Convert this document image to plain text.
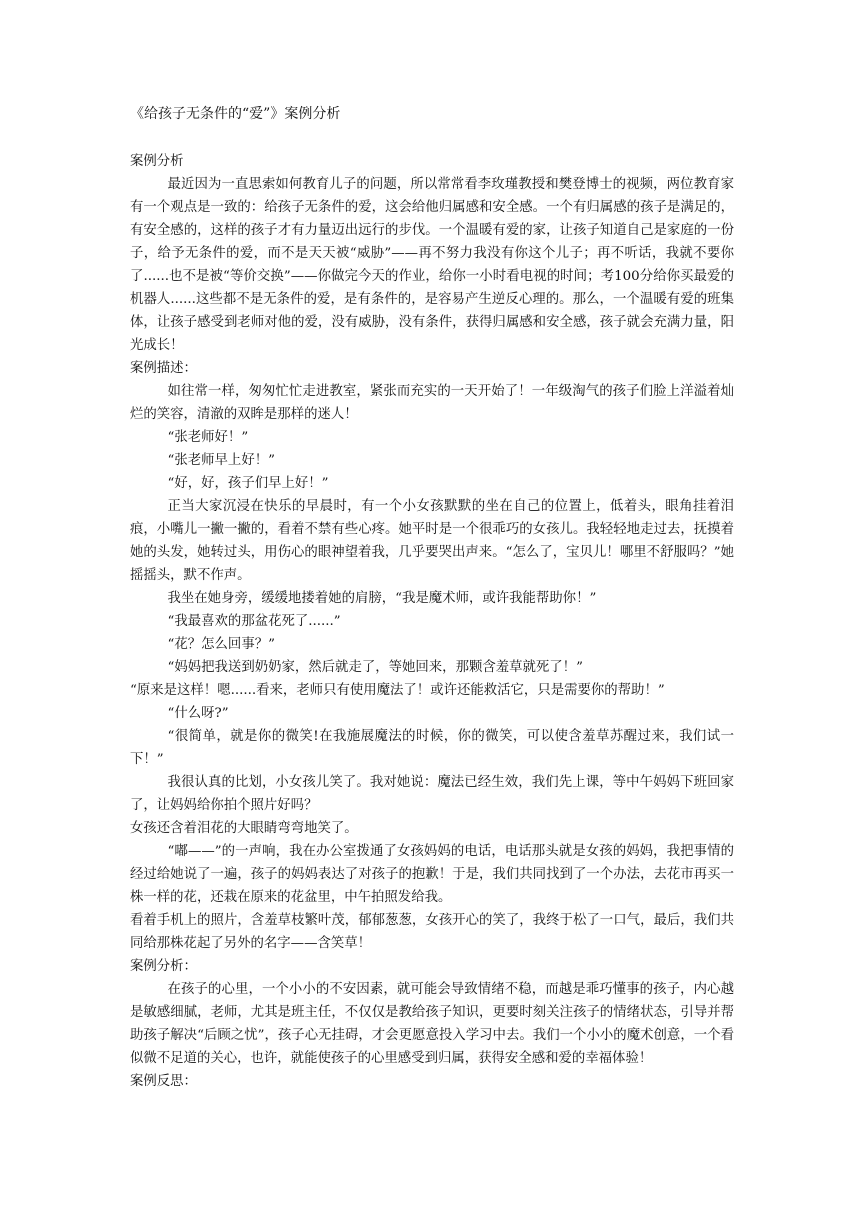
《给孩子无条件的“爱”》案例分析

案例分析

最近因为一直思索如何教育儿子的问题，所以常常看李玫瑾教授和樊登博士的视频，两位教育家有一个观点是一致的：给孩子无条件的爱，这会给他归属感和安全感。一个有归属感的孩子是满足的，有安全感的，这样的孩子才有力量迈出远行的步伐。一个温暖有爱的家，让孩子知道自己是家庭的一份子，给予无条件的爱，而不是天天被“威胁”——再不努力我没有你这个儿子；再不听话，我就不要你了......也不是被“等价交换”——你做完今天的作业，给你一小时看电视的时间；考100分给你买最爱的机器人......这些都不是无条件的爱，是有条件的，是容易产生逆反心理的。那么，一个温暖有爱的班集体，让孩子感受到老师对他的爱，没有威胁，没有条件，获得归属感和安全感，孩子就会充满力量，阳光成长！

案例描述：

如往常一样，匆匆忙忙走进教室，紧张而充实的一天开始了！一年级淘气的孩子们脸上洋溢着灿烂的笑容，清澈的双眸是那样的迷人！

“张老师好！”

“张老师早上好！”

“好，好，孩子们早上好！”

正当大家沉浸在快乐的早晨时，有一个小女孩默默的坐在自己的位置上，低着头，眼角挂着泪痕，小嘴儿一撇一撇的，看着不禁有些心疼。她平时是一个很乖巧的女孩儿。我轻轻地走过去，抚摸着她的头发，她转过头，用伤心的眼神望着我，几乎要哭出声来。“怎么了，宝贝儿！哪里不舒服吗？”她摇摇头，默不作声。

我坐在她身旁，缓缓地搂着她的肩膀，“我是魔术师，或许我能帮助你！”

“我最喜欢的那盆花死了......”

“花？怎么回事？”

“妈妈把我送到奶奶家，然后就走了，等她回来，那颗含羞草就死了！”

“原来是这样！嗯......看来，老师只有使用魔法了！或许还能救活它，只是需要你的帮助！”

“什么呀?”

“很简单，就是你的微笑!在我施展魔法的时候，你的微笑，可以使含羞草苏醒过来，我们试一下！”

我很认真的比划，小女孩儿笑了。我对她说：魔法已经生效，我们先上课，等中午妈妈下班回家了，让妈妈给你拍个照片好吗？

女孩还含着泪花的大眼睛弯弯地笑了。

“嘟——”的一声响，我在办公室拨通了女孩妈妈的电话，电话那头就是女孩的妈妈，我把事情的经过给她说了一遍，孩子的妈妈表达了对孩子的抱歉！于是，我们共同找到了一个办法，去花市再买一株一样的花，还栽在原来的花盆里，中午拍照发给我。

看着手机上的照片，含羞草枝繁叶茂，郁郁葱葱，女孩开心的笑了，我终于松了一口气，最后，我们共同给那株花起了另外的名字——含笑草！

案例分析：

在孩子的心里，一个小小的不安因素，就可能会导致情绪不稳，而越是乖巧懂事的孩子，内心越是敏感细腻，老师，尤其是班主任，不仅仅是教给孩子知识，更要时刻关注孩子的情绪状态，引导并帮助孩子解决“后顾之忧”，孩子心无挂碍，才会更愿意投入学习中去。我们一个小小的魔术创意，一个看似微不足道的关心，也许，就能使孩子的心里感受到归属，获得安全感和爱的幸福体验！

案例反思：
